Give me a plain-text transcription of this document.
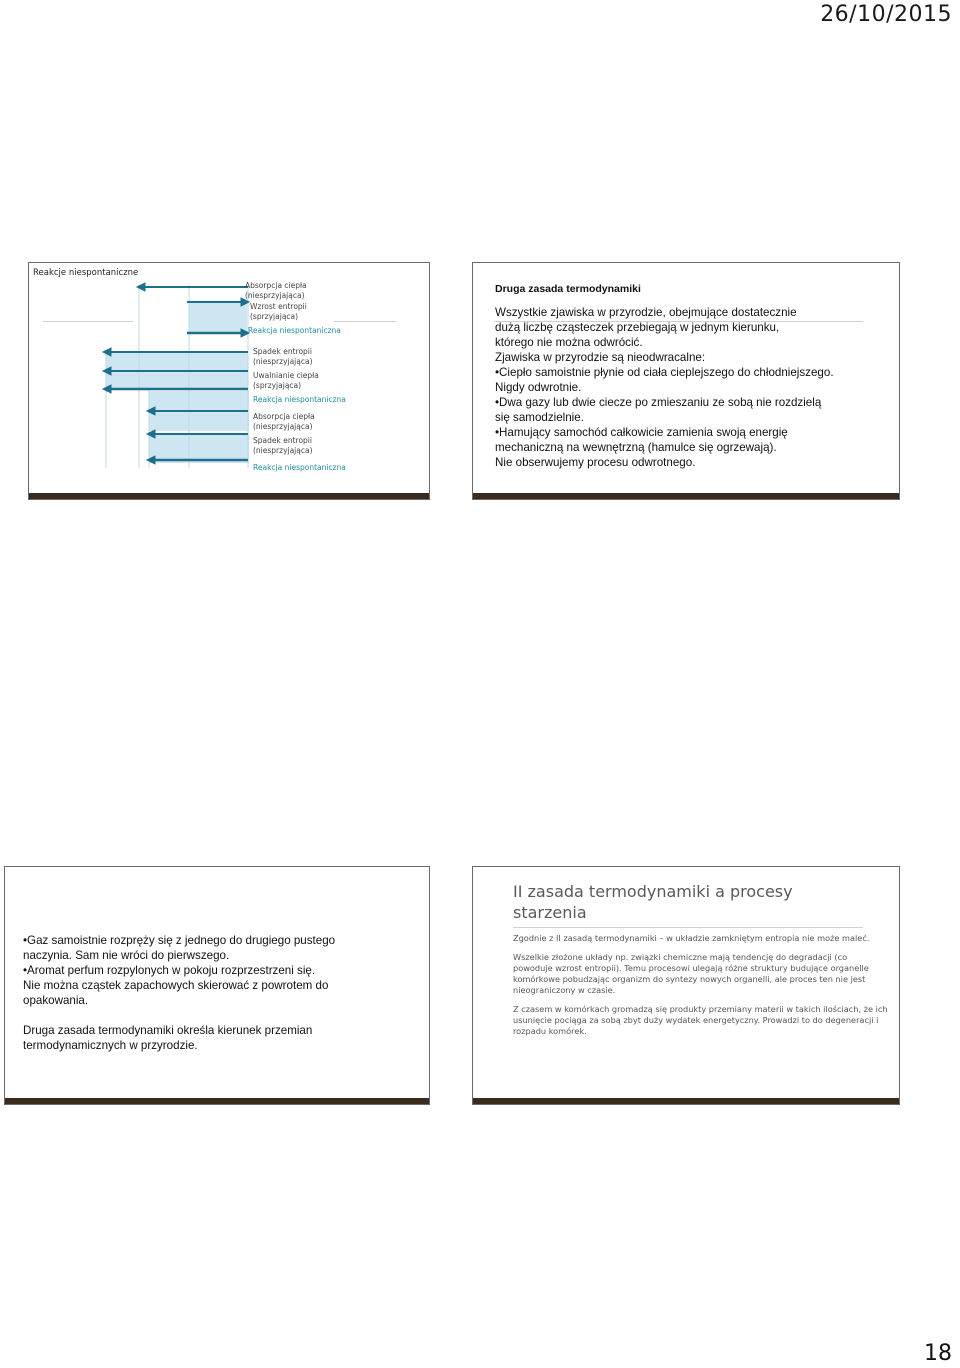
26/10/2015
Reakcje niespontaniczne
Absorpcja ciepła
(niesprzyjająca)
Wzrost entropii
(sprzyjająca)
Reakcja niespontaniczna
Spadek entropii
(niesprzyjająca)
Uwalnianie ciepła
(sprzyjająca)
Reakcja niespontaniczna
Absorpcja ciepła
(niesprzyjająca)
Spadek entropii
(niesprzyjająca)
Reakcja niespontaniczna
Druga zasada termodynamiki
Wszystkie zjawiska w przyrodzie, obejmujące dostatecznie
dużą liczbę cząsteczek przebiegają w jednym kierunku,
którego nie można odwrócić.
Zjawiska w przyrodzie są nieodwracalne:
•Ciepło samoistnie płynie od ciała cieplejszego do chłodniejszego.
Nigdy odwrotnie.
•Dwa gazy lub dwie ciecze po zmieszaniu ze sobą nie rozdzielą
się samodzielnie.
•Hamujący samochód całkowicie zamienia swoją energię
mechaniczną na wewnętrzną (hamulce się ogrzewają).
Nie obserwujemy procesu odwrotnego.
•Gaz samoistnie rozpręży się z jednego do drugiego pustego
naczynia. Sam nie wróci do pierwszego.
•Aromat perfum rozpylonych w pokoju rozprzestrzeni się.
Nie można cząstek zapachowych skierować z powrotem do
opakowania.

Druga zasada termodynamiki określa kierunek przemian
termodynamicznych w przyrodzie.
II zasada termodynamiki a procesy starzenia

Zgodnie z II zasadą termodynamiki – w układzie zamkniętym entropia nie może maleć.

Wszelkie złożone układy np. związki chemiczne mają tendencję do degradacji (co powoduje wzrost entropii). Temu procesowi ulegają różne struktury budujące organelle komórkowe pobudzając organizm do syntezy nowych organelli, ale proces ten nie jest nieograniczony w czasie.

Z czasem w komórkach gromadzą się produkty przemiany materii w takich ilościach, że ich usunięcie pociąga za sobą zbyt duży wydatek energetyczny. Prowadzi to do degeneracji i rozpadu komórek.

18
